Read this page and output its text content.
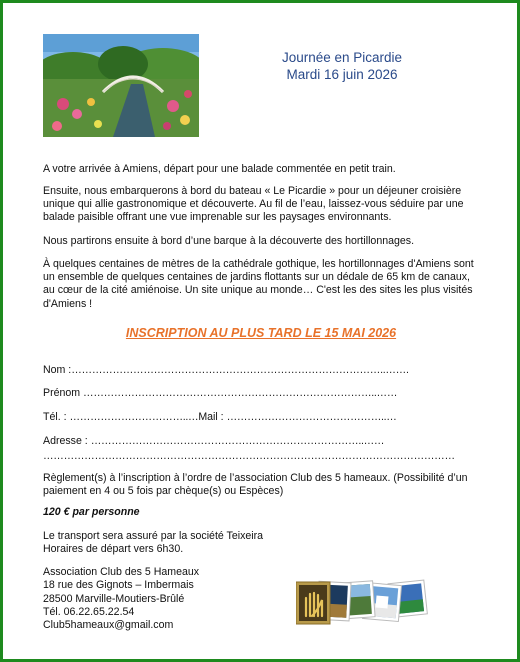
Journée en Picardie
Mardi 16 juin 2026

A votre arrivée à Amiens, départ pour une balade commentée en petit train.

Ensuite, nous embarquerons à bord du bateau « Le Picardie » pour un déjeuner croisière unique qui allie gastronomique et découverte. Au fil de l’eau, laissez-vous séduire par une balade paisible offrant une vue imprenable sur les paysages environnants.

Nous partirons ensuite à bord d’une barque à la découverte des hortillonnages.

À quelques centaines de mètres de la cathédrale gothique, les hortillonnages d'Amiens sont un ensemble de quelques centaines de jardins flottants sur un dédale de 65 km de canaux, au cœur de la cité amiénoise. Un site unique au monde… C'est les des sites les plus visités d'Amiens !

INSCRIPTION AU PLUS TARD LE 15 MAI 2026
Nom :………………………………………………………………………………..…….
Prénom …………………………………………………………………………..……
Tél. : ……………………………..…Mail : ………………………………………..…
Adresse : ……………………………………………………………………..……
…………………………………………………………………………………………………………

Règlement(s) à l’inscription à l’ordre de l’association Club des 5 hameaux. (Possibilité d’un paiement en 4 ou 5 fois par chèque(s) ou Espèces)

120 € par personne
Le transport sera assuré par la société Teixeira
Horaires de départ vers 6h30.
Association Club des 5 Hameaux
18 rue des Gignots – Imbermais
28500 Marville-Moutiers-Brûlé
Tél. 06.22.65.22.54
Club5hameaux@gmail.com
